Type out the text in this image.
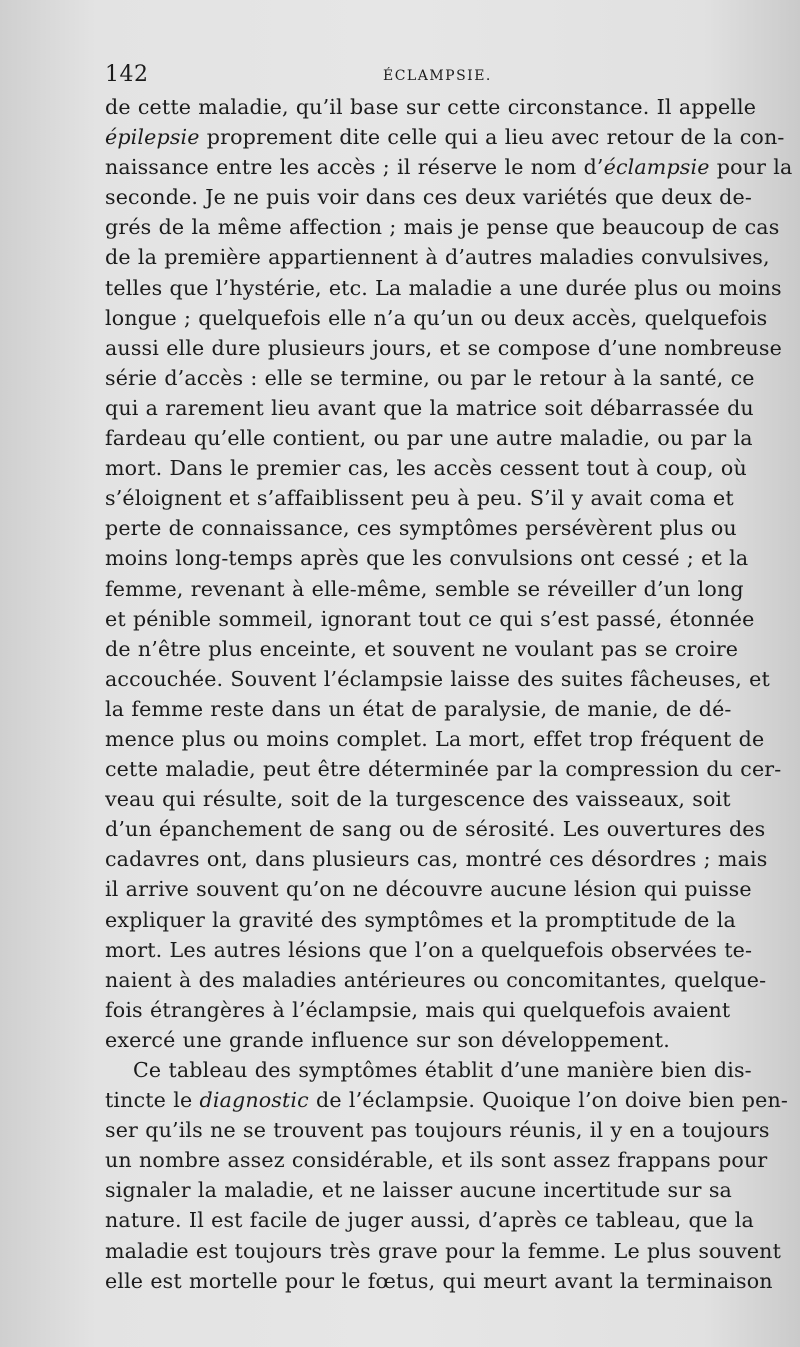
142	ÉCLAMPSIE.
de cette maladie, qu’il base sur cette circonstance. Il appelle
épilepsie proprement dite celle qui a lieu avec retour de la con-
naissance entre les accès ; il réserve le nom d’éclampsie pour la
seconde. Je ne puis voir dans ces deux variétés que deux de-
grés de la même affection ; mais je pense que beaucoup de cas
de la première appartiennent à d’autres maladies convulsives,
telles que l’hystérie, etc. La maladie a une durée plus ou moins
longue ; quelquefois elle n’a qu’un ou deux accès, quelquefois
aussi elle dure plusieurs jours, et se compose d’une nombreuse
série d’accès : elle se termine, ou par le retour à la santé, ce
qui a rarement lieu avant que la matrice soit débarrassée du
fardeau qu’elle contient, ou par une autre maladie, ou par la
mort. Dans le premier cas, les accès cessent tout à coup, où
s’éloignent et s’affaiblissent peu à peu. S’il y avait coma et
perte de connaissance, ces symptômes persévèrent plus ou
moins long-temps après que les convulsions ont cessé ; et la
femme, revenant à elle-même, semble se réveiller d’un long
et pénible sommeil, ignorant tout ce qui s’est passé, étonnée
de n’être plus enceinte, et souvent ne voulant pas se croire
accouchée. Souvent l’éclampsie laisse des suites fâcheuses, et
la femme reste dans un état de paralysie, de manie, de dé-
mence plus ou moins complet. La mort, effet trop fréquent de
cette maladie, peut être déterminée par la compression du cer-
veau qui résulte, soit de la turgescence des vaisseaux, soit
d’un épanchement de sang ou de sérosité. Les ouvertures des
cadavres ont, dans plusieurs cas, montré ces désordres ; mais
il arrive souvent qu’on ne découvre aucune lésion qui puisse
expliquer la gravité des symptômes et la promptitude de la
mort. Les autres lésions que l’on a quelquefois observées te-
naient à des maladies antérieures ou concomitantes, quelque-
fois étrangères à l’éclampsie, mais qui quelquefois avaient
exercé une grande influence sur son développement.
Ce tableau des symptômes établit d’une manière bien dis-
tincte le diagnostic de l’éclampsie. Quoique l’on doive bien pen-
ser qu’ils ne se trouvent pas toujours réunis, il y en a toujours
un nombre assez considérable, et ils sont assez frappans pour
signaler la maladie, et ne laisser aucune incertitude sur sa
nature. Il est facile de juger aussi, d’après ce tableau, que la
maladie est toujours très grave pour la femme. Le plus souvent
elle est mortelle pour le fœtus, qui meurt avant la terminaison
